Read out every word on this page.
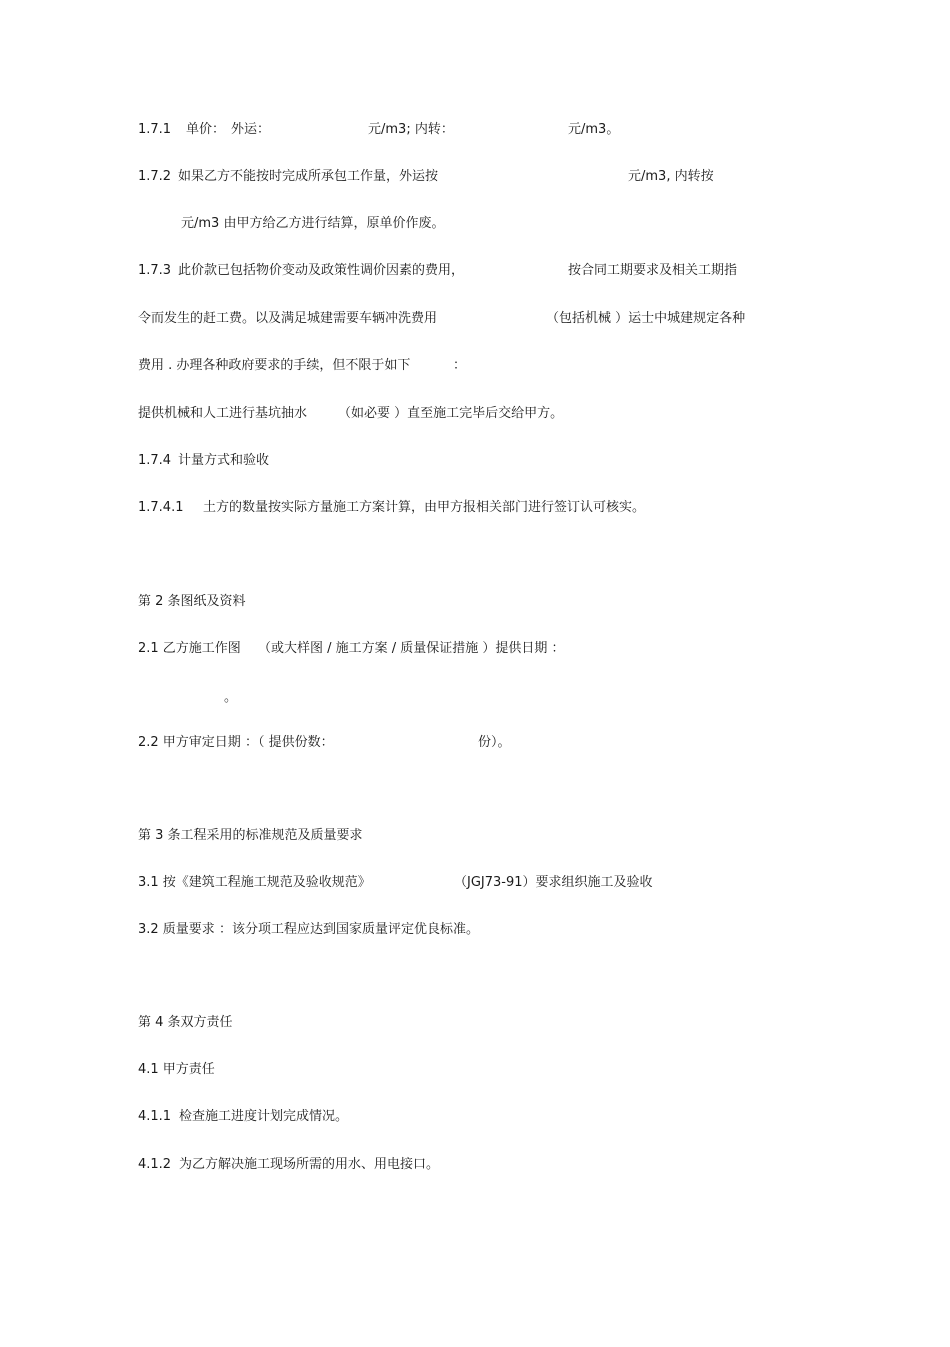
1.7.1 单价： 外运：	元/m3; 内转：	元/m3。
1.7.2 如果乙方不能按时完成所承包工作量，外运按	元/m3, 内转按
元/m3 由甲方给乙方进行结算，原单价作废。
1.7.3 此价款已包括物价变动及政策性调价因素的费用，	按合同工期要求及相关工期指
令而发生的赶工费。以及满足城建需要车辆冲洗费用	（包括机械 ）运士中城建规定各种
费用 . 办理各种政府要求的手续，但不限于如下	：
提供机械和人工进行基坑抽水 （如必要 ）直至施工完毕后交给甲方。
1.7.4 计量方式和验收
1.7.4.1 土方的数量按实际方量施工方案计算，由甲方报相关部门进行签订认可核实。
第 2 条图纸及资料
2.1 乙方施工作图 （或大样图 / 施工方案 / 质量保证措施 ）提供日期 ：
。
2.2 甲方审定日期 ：（ 提供份数：	份）。
第 3 条工程采用的标准规范及质量要求
3.1 按《建筑工程施工规范及验收规范》	（JGJ73-91）要求组织施工及验收
3.2 质量要求 ：该分项工程应达到国家质量评定优良标准。
第 4 条双方责任
4.1 甲方责任
4.1.1 检查施工进度计划完成情况。
4.1.2 为乙方解决施工现场所需的用水、用电接口。
